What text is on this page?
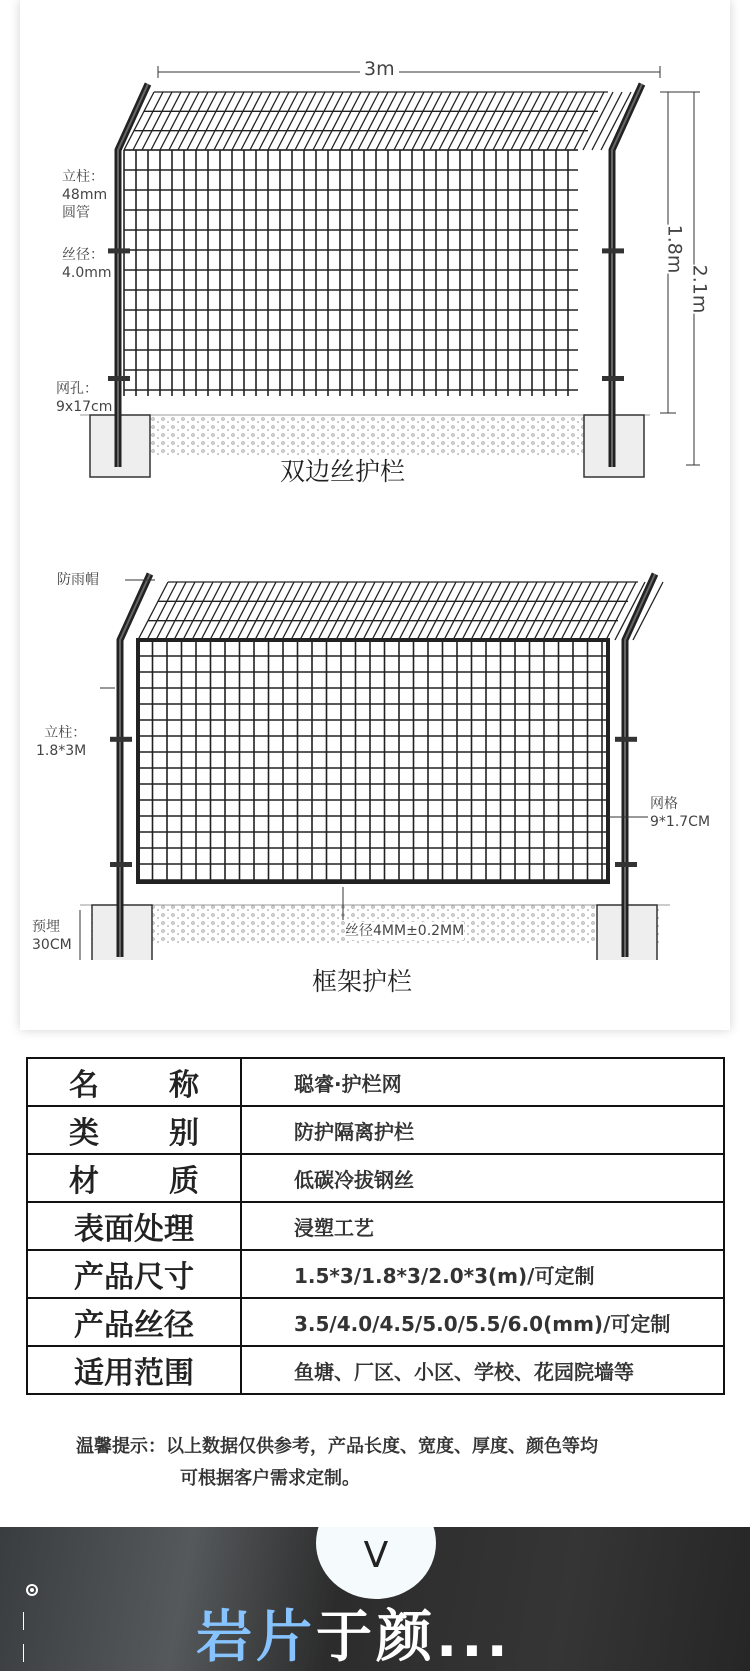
3m
1.8m
2.1m
立柱：
48mm
圆管
丝径：
4.0mm
网孔：
9x17cm
双边丝护栏
防雨帽
立柱：
1.8*3M
网格
9*1.7CM
预埋
30CM
丝径4MM±0.2MM
框架护栏
名 称	聪睿·护栏网
类 别	防护隔离护栏
材 质	低碳冷拔钢丝
表面处理	浸塑工艺
产品尺寸	1.5*3/1.8*3/2.0*3(m)/可定制
产品丝径	3.5/4.0/4.5/5.0/5.5/6.0(mm)/可定制
适用范围	鱼塘、厂区、小区、学校、花园院墙等
温馨提示：以上数据仅供参考，产品长度、宽度、厚度、颜色等均
可根据客户需求定制。
V
岩片于颜...
